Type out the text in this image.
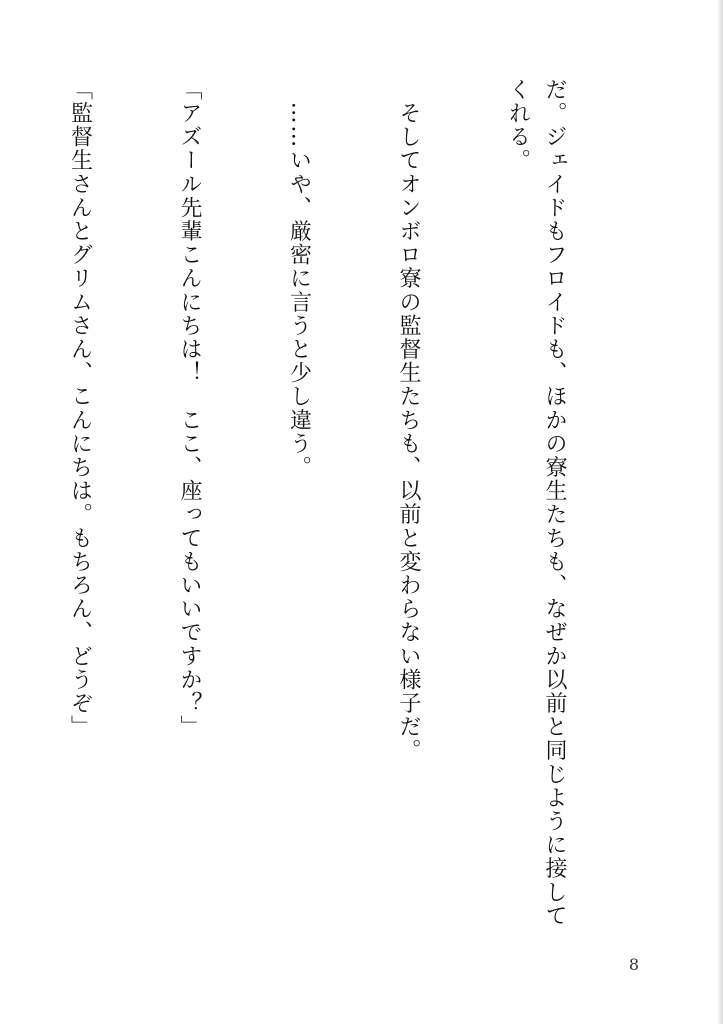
だ。ジェイドもフロイドも、ほかの寮生たちも、なぜか以前と同じように接してくれる。

　そしてオンボロ寮の監督生たちも、以前と変わらない様子だ。

　……いや、厳密に言うと少し違う。

「アズール先輩こんにちは！　ここ、座ってもいいですか？」

「監督生さんとグリムさん、こんにちは。もちろん、どうぞ」

8
